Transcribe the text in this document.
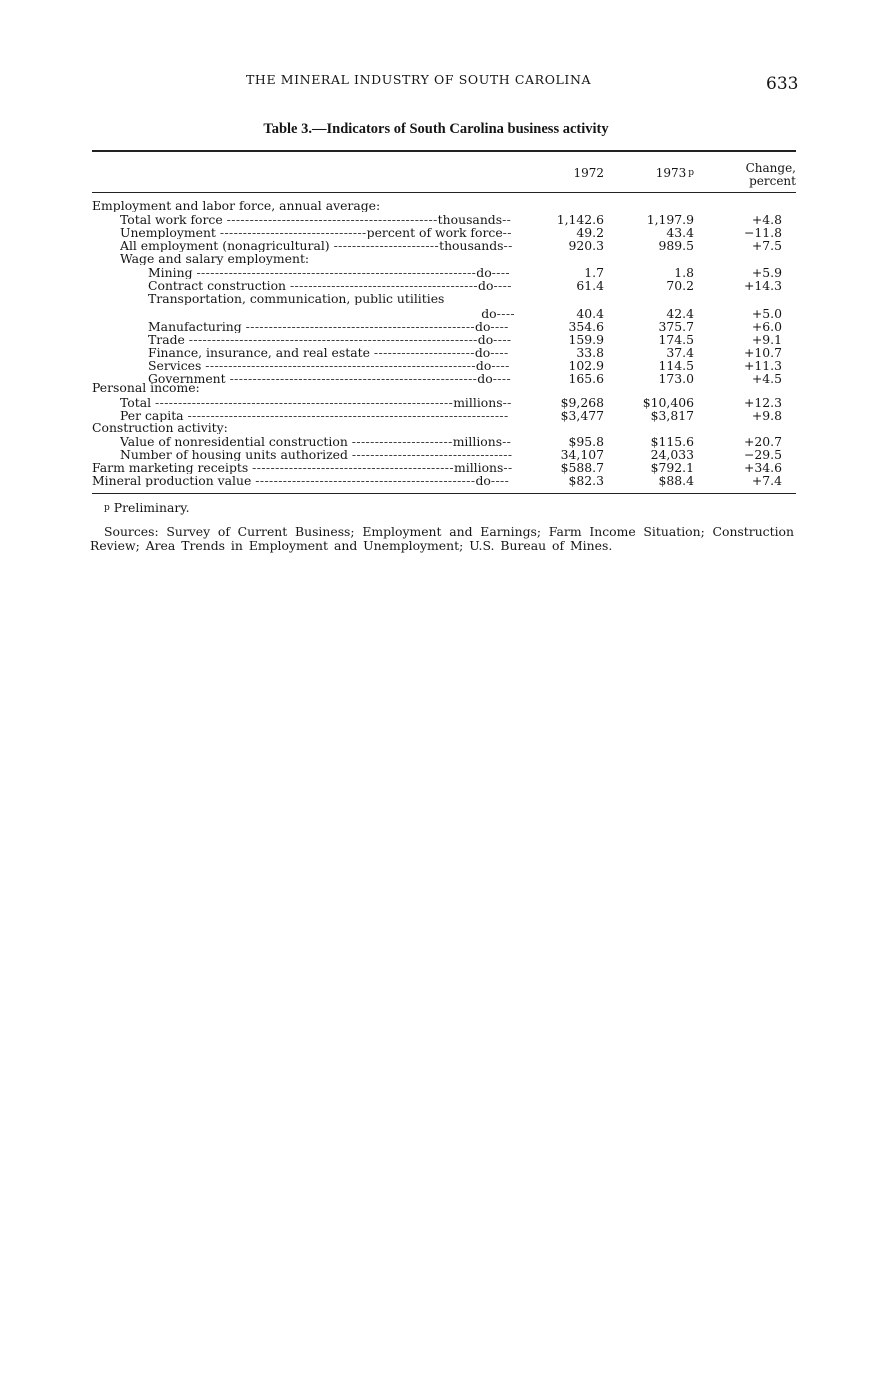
THE MINERAL INDUSTRY OF SOUTH CAROLINA	633
Table 3.—Indicators of South Carolina business activity
1972	1973 $^p$	Change,
percent
Employment and labor force, annual average:
Total work force ----------------------------------------------thousands--	1,142.6	1,197.9	+4.8
Unemployment --------------------------------percent of work force--	49.2	43.4	−11.8
All employment (nonagricultural) -----------------------thousands--	920.3	989.5	+7.5
Wage and salary employment:
Mining -------------------------------------------------------------do----	1.7	1.8	+5.9
Contract construction -----------------------------------------do----	61.4	70.2	+14.3
Transportation, communication, public utilities
do----	40.4	42.4	+5.0
Manufacturing --------------------------------------------------do----	354.6	375.7	+6.0
Trade ---------------------------------------------------------------do----	159.9	174.5	+9.1
Finance, insurance, and real estate ----------------------do----	33.8	37.4	+10.7
Services -----------------------------------------------------------do----	102.9	114.5	+11.3
Government ------------------------------------------------------do----	165.6	173.0	+4.5
Personal income:
Total -----------------------------------------------------------------millions--	$9,268	$10,406	+12.3
Per capita ----------------------------------------------------------------------	$3,477	$3,817	+9.8
Construction activity:
Value of nonresidential construction ----------------------millions--	$95.8	$115.6	+20.7
Number of housing units authorized -----------------------------------	34,107	24,033	−29.5
Farm marketing receipts --------------------------------------------millions--	$588.7	$792.1	+34.6
Mineral production value ------------------------------------------------do----	$82.3	$88.4	+7.4
p Preliminary.
Sources: Survey of Current Business; Employment and Earnings; Farm Income Situation; Construction Review; Area Trends in Employment and Unemployment; U.S. Bureau of Mines.
